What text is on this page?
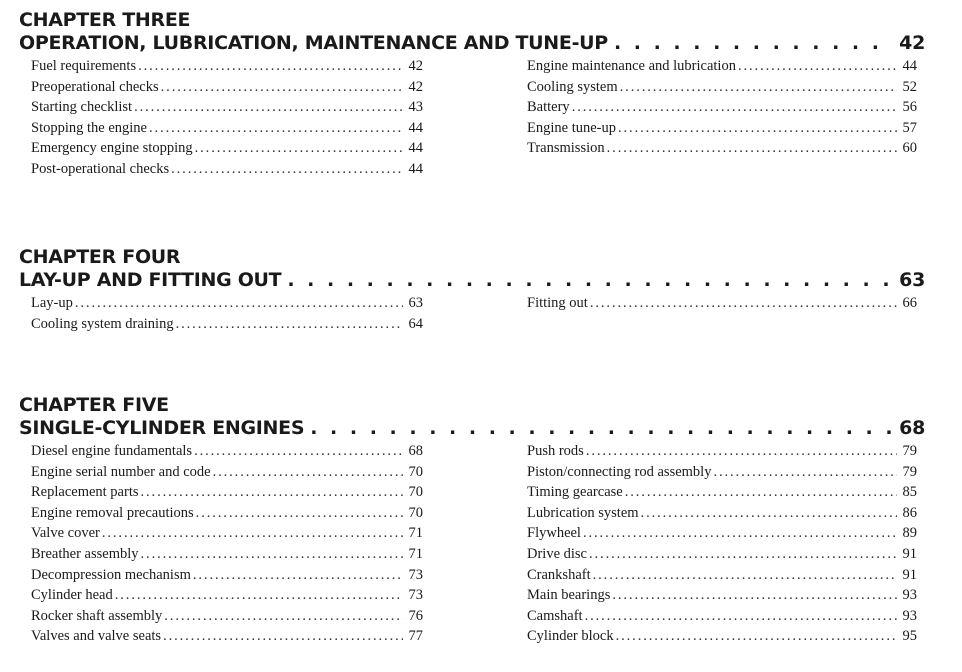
CHAPTER THREE
OPERATION, LUBRICATION, MAINTENANCE AND TUNE-UP . . .	42
Fuel requirements .....	42
Preoperational checks .....	42
Starting checklist .....	43
Stopping the engine .....	44
Emergency engine stopping .....	44
Post-operational checks .....	44
Engine maintenance and lubrication .....	44
Cooling system .....	52
Battery .....	56
Engine tune-up .....	57
Transmission .....	60
CHAPTER FOUR
LAY-UP AND FITTING OUT . . .	63
Lay-up .....	63
Cooling system draining .....	64
Fitting out .....	66
CHAPTER FIVE
SINGLE-CYLINDER ENGINES . . .	68
Diesel engine fundamentals .....	68
Engine serial number and code .....	70
Replacement parts .....	70
Engine removal precautions .....	70
Valve cover .....	71
Breather assembly .....	71
Decompression mechanism .....	73
Cylinder head .....	73
Rocker shaft assembly .....	76
Valves and valve seats .....	77
Push rods .....	79
Piston/connecting rod assembly .....	79
Timing gearcase .....	85
Lubrication system .....	86
Flywheel .....	89
Drive disc .....	91
Crankshaft .....	91
Main bearings .....	93
Camshaft .....	93
Cylinder block .....	95
